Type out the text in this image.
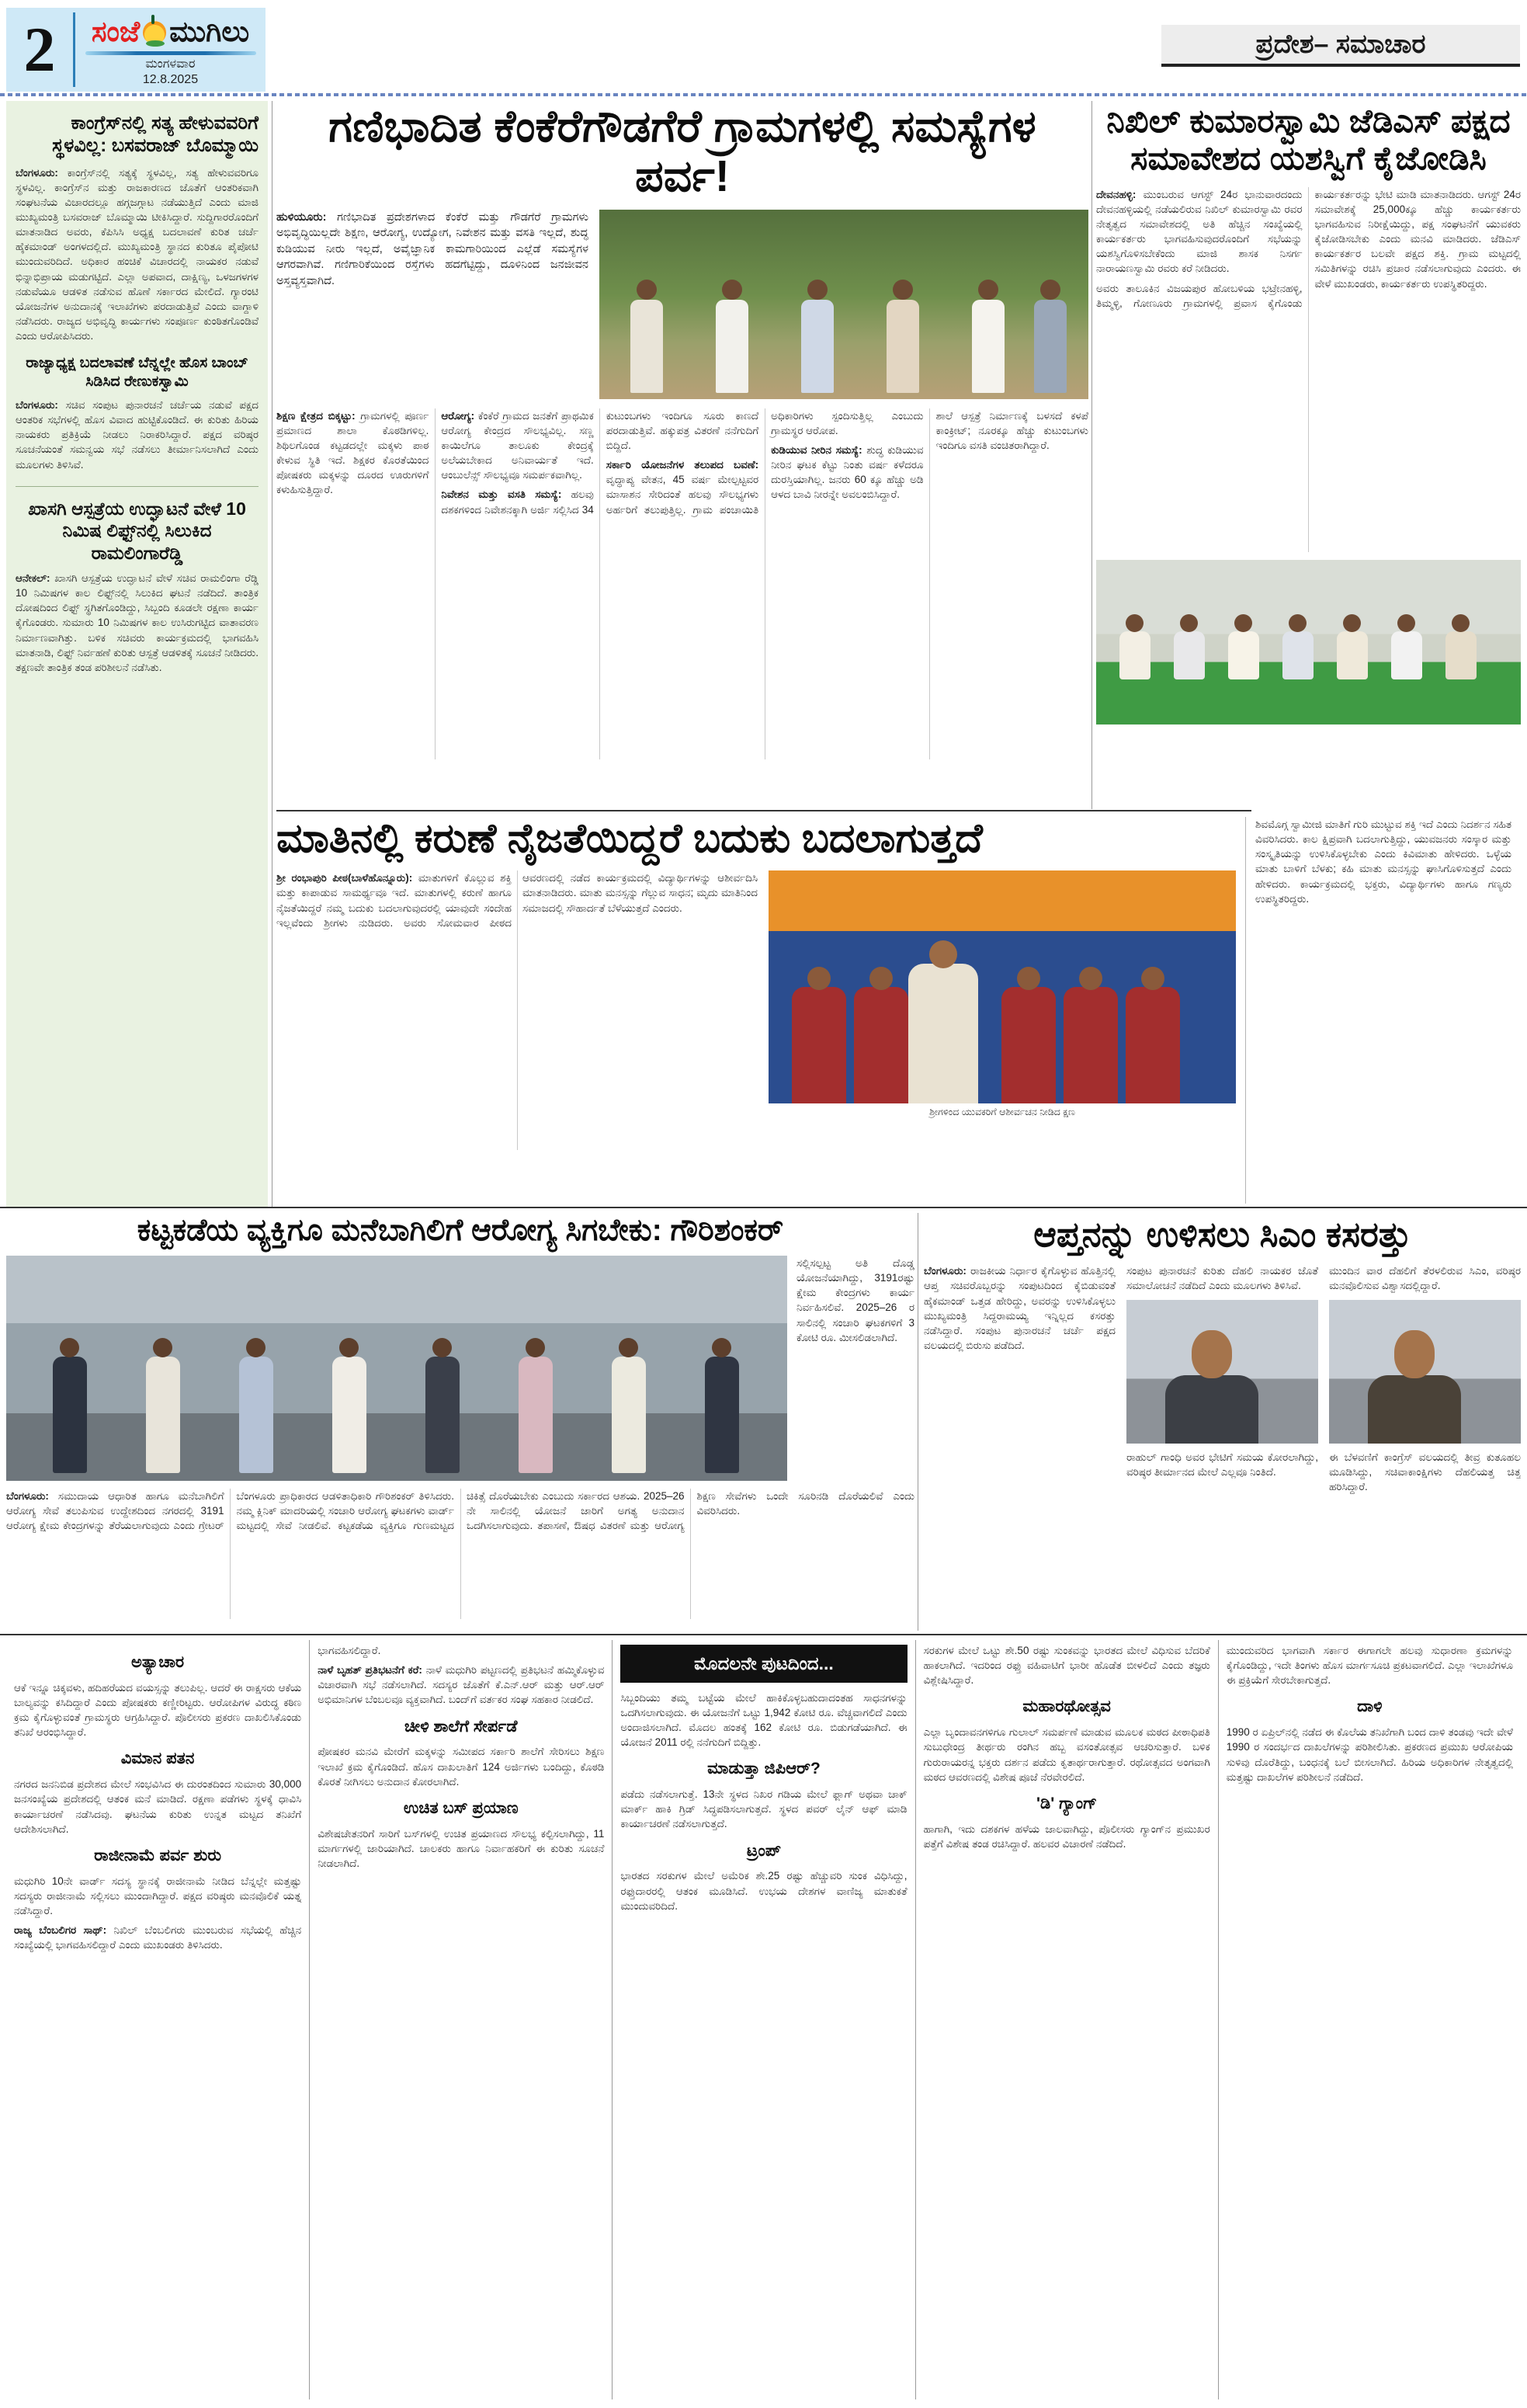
2	ಸಂಜೆ ಮುಗಿಲು
ಮಂಗಳವಾರ
12.8.2025
ಪ್ರದೇಶ– ಸಮಾಚಾರ
ಕಾಂಗ್ರೆಸ್‌ನಲ್ಲಿ ಸತ್ಯ ಹೇಳುವವರಿಗೆ ಸ್ಥಳವಿಲ್ಲ: ಬಸವರಾಜ್ ಬೊಮ್ಮಾಯಿ

ಬೆಂಗಳೂರು: ಕಾಂಗ್ರೆಸ್‌ನಲ್ಲಿ ಸತ್ಯಕ್ಕೆ ಸ್ಥಳವಿಲ್ಲ, ಸತ್ಯ ಹೇಳುವವರಿಗೂ ಸ್ಥಳವಿಲ್ಲ. ಕಾಂಗ್ರೆಸ್‌ನ ಮತ್ತು ರಾಜಕಾರಣದ ಜೊತೆಗೆ ಆಂತರಿಕವಾಗಿ ಸಂಘಟನೆಯ ವಿಚಾರದಲ್ಲೂ ಹಗ್ಗಜಗ್ಗಾಟ ನಡೆಯುತ್ತಿದೆ ಎಂದು ಮಾಜಿ ಮುಖ್ಯಮಂತ್ರಿ ಬಸವರಾಜ್ ಬೊಮ್ಮಾಯಿ ಟೀಕಿಸಿದ್ದಾರೆ. ಸುದ್ದಿಗಾರರೊಂದಿಗೆ ಮಾತನಾಡಿದ ಅವರು, ಕೆಪಿಸಿಸಿ ಅಧ್ಯಕ್ಷ ಬದಲಾವಣೆ ಕುರಿತ ಚರ್ಚೆ ಹೈಕಮಾಂಡ್ ಅಂಗಳದಲ್ಲಿದೆ. ಮುಖ್ಯಮಂತ್ರಿ ಸ್ಥಾನದ ಕುರಿತೂ ಪೈಪೋಟಿ ಮುಂದುವರಿದಿದೆ. ಅಧಿಕಾರ ಹಂಚಿಕೆ ವಿಚಾರದಲ್ಲಿ ನಾಯಕರ ನಡುವೆ ಭಿನ್ನಾಭಿಪ್ರಾಯ ಮಡುಗಟ್ಟಿದೆ. ಎಲ್ಲಾ ಅಪವಾದ, ದಾಕ್ಷಿಣ್ಯ, ಒಳಜಗಳಗಳ ನಡುವೆಯೂ ಆಡಳಿತ ನಡೆಸುವ ಹೊಣೆ ಸರ್ಕಾರದ ಮೇಲಿದೆ. ಗ್ಯಾರಂಟಿ ಯೋಜನೆಗಳ ಅನುದಾನಕ್ಕೆ ಇಲಾಖೆಗಳು ಪರದಾಡುತ್ತಿವೆ ಎಂದು ವಾಗ್ದಾಳಿ ನಡೆಸಿದರು. ರಾಜ್ಯದ ಅಭಿವೃದ್ಧಿ ಕಾರ್ಯಗಳು ಸಂಪೂರ್ಣ ಕುಂಠಿತಗೊಂಡಿವೆ ಎಂದು ಆರೋಪಿಸಿದರು.

ರಾಜ್ಯಾಧ್ಯಕ್ಷ ಬದಲಾವಣೆ ಬೆನ್ನಲ್ಲೇ ಹೊಸ ಬಾಂಬ್ ಸಿಡಿಸಿದ ರೇಣುಕಸ್ವಾಮಿ

ಬೆಂಗಳೂರು: ಸಚಿವ ಸಂಪುಟ ಪುನಾರಚನೆ ಚರ್ಚೆಯ ನಡುವೆ ಪಕ್ಷದ ಆಂತರಿಕ ಸಭೆಗಳಲ್ಲಿ ಹೊಸ ವಿವಾದ ಹುಟ್ಟಿಕೊಂಡಿದೆ. ಈ ಕುರಿತು ಹಿರಿಯ ನಾಯಕರು ಪ್ರತಿಕ್ರಿಯೆ ನೀಡಲು ನಿರಾಕರಿಸಿದ್ದಾರೆ. ಪಕ್ಷದ ವರಿಷ್ಠರ ಸೂಚನೆಯಂತೆ ಸಮನ್ವಯ ಸಭೆ ನಡೆಸಲು ತೀರ್ಮಾನಿಸಲಾಗಿದೆ ಎಂದು ಮೂಲಗಳು ತಿಳಿಸಿವೆ.

ಖಾಸಗಿ ಆಸ್ಪತ್ರೆಯ ಉದ್ಘಾಟನೆ ವೇಳೆ 10 ನಿಮಿಷ ಲಿಫ್ಟ್‌ನಲ್ಲಿ ಸಿಲುಕಿದ ರಾಮಲಿಂಗಾರೆಡ್ಡಿ

ಆನೇಕಲ್: ಖಾಸಗಿ ಆಸ್ಪತ್ರೆಯ ಉದ್ಘಾಟನೆ ವೇಳೆ ಸಚಿವ ರಾಮಲಿಂಗಾ ರೆಡ್ಡಿ 10 ನಿಮಿಷಗಳ ಕಾಲ ಲಿಫ್ಟ್‌ನಲ್ಲಿ ಸಿಲುಕಿದ ಘಟನೆ ನಡೆದಿದೆ. ತಾಂತ್ರಿಕ ದೋಷದಿಂದ ಲಿಫ್ಟ್ ಸ್ಥಗಿತಗೊಂಡಿದ್ದು, ಸಿಬ್ಬಂದಿ ಕೂಡಲೇ ರಕ್ಷಣಾ ಕಾರ್ಯ ಕೈಗೊಂಡರು. ಸುಮಾರು 10 ನಿಮಿಷಗಳ ಕಾಲ ಉಸಿರುಗಟ್ಟಿದ ವಾತಾವರಣ ನಿರ್ಮಾಣವಾಗಿತ್ತು. ಬಳಿಕ ಸಚಿವರು ಕಾರ್ಯಕ್ರಮದಲ್ಲಿ ಭಾಗವಹಿಸಿ ಮಾತನಾಡಿ, ಲಿಫ್ಟ್ ನಿರ್ವಹಣೆ ಕುರಿತು ಆಸ್ಪತ್ರೆ ಆಡಳಿತಕ್ಕೆ ಸೂಚನೆ ನೀಡಿದರು. ತಕ್ಷಣವೇ ತಾಂತ್ರಿಕ ತಂಡ ಪರಿಶೀಲನೆ ನಡೆಸಿತು.

ಗಣಿಭಾದಿತ ಕೆಂಕೆರೆಗೌಡಗೆರೆ ಗ್ರಾಮಗಳಲ್ಲಿ ಸಮಸ್ಯೆಗಳ ಪರ್ವ!

ಹುಳಿಯೂರು: ಗಣಿಭಾದಿತ ಪ್ರದೇಶಗಳಾದ ಕೆಂಕೆರೆ ಮತ್ತು ಗೌಡಗೆರೆ ಗ್ರಾಮಗಳು ಅಭಿವೃದ್ಧಿಯಿಲ್ಲದೇ ಶಿಕ್ಷಣ, ಆರೋಗ್ಯ, ಉದ್ಯೋಗ, ನಿವೇಶನ ಮತ್ತು ವಸತಿ ಇಲ್ಲದೆ, ಶುದ್ಧ ಕುಡಿಯುವ ನೀರು ಇಲ್ಲದೆ, ಅವೈಜ್ಞಾನಿಕ ಕಾಮಗಾರಿಯಿಂದ ಎಲ್ಲೆಡೆ ಸಮಸ್ಯೆಗಳ ಆಗರವಾಗಿವೆ. ಗಣಿಗಾರಿಕೆಯಿಂದ ರಸ್ತೆಗಳು ಹದಗೆಟ್ಟಿದ್ದು, ದೂಳಿನಿಂದ ಜನಜೀವನ ಅಸ್ತವ್ಯಸ್ತವಾಗಿದೆ.

ಶಿಕ್ಷಣ ಕ್ಷೇತ್ರದ ಬಿಕ್ಕಟ್ಟು: ಗ್ರಾಮಗಳಲ್ಲಿ ಪೂರ್ಣ ಪ್ರಮಾಣದ ಶಾಲಾ ಕೊಠಡಿಗಳಿಲ್ಲ. ಶಿಥಿಲಗೊಂಡ ಕಟ್ಟಡದಲ್ಲೇ ಮಕ್ಕಳು ಪಾಠ ಕೇಳುವ ಸ್ಥಿತಿ ಇದೆ. ಶಿಕ್ಷಕರ ಕೊರತೆಯಿಂದ ಪೋಷಕರು ಮಕ್ಕಳನ್ನು ದೂರದ ಊರುಗಳಿಗೆ ಕಳುಹಿಸುತ್ತಿದ್ದಾರೆ.

ಆರೋಗ್ಯ: ಕೆಂಕೆರೆ ಗ್ರಾಮದ ಜನತೆಗೆ ಪ್ರಾಥಮಿಕ ಆರೋಗ್ಯ ಕೇಂದ್ರದ ಸೌಲಭ್ಯವಿಲ್ಲ. ಸಣ್ಣ ಕಾಯಿಲೆಗೂ ತಾಲೂಕು ಕೇಂದ್ರಕ್ಕೆ ಅಲೆಯಬೇಕಾದ ಅನಿವಾರ್ಯತೆ ಇದೆ. ಆಂಬುಲೆನ್ಸ್ ಸೌಲಭ್ಯವೂ ಸಮರ್ಪಕವಾಗಿಲ್ಲ.

ನಿವೇಶನ ಮತ್ತು ವಸತಿ ಸಮಸ್ಯೆ: ಹಲವು ದಶಕಗಳಿಂದ ನಿವೇಶನಕ್ಕಾಗಿ ಅರ್ಜಿ ಸಲ್ಲಿಸಿದ 34 ಕುಟುಂಬಗಳು ಇಂದಿಗೂ ಸೂರು ಕಾಣದೆ ಪರದಾಡುತ್ತಿವೆ. ಹಕ್ಕುಪತ್ರ ವಿತರಣೆ ನನೆಗುದಿಗೆ ಬಿದ್ದಿದೆ.

ಸರ್ಕಾರಿ ಯೋಜನೆಗಳ ತಲುಪದ ಬವಣೆ: ವೃದ್ಧಾಪ್ಯ ವೇತನ, 45 ವರ್ಷ ಮೇಲ್ಪಟ್ಟವರ ಮಾಸಾಶನ ಸೇರಿದಂತೆ ಹಲವು ಸೌಲಭ್ಯಗಳು ಅರ್ಹರಿಗೆ ತಲುಪುತ್ತಿಲ್ಲ. ಗ್ರಾಮ ಪಂಚಾಯಿತಿ ಅಧಿಕಾರಿಗಳು ಸ್ಪಂದಿಸುತ್ತಿಲ್ಲ ಎಂಬುದು ಗ್ರಾಮಸ್ಥರ ಆರೋಪ.

ಕುಡಿಯುವ ನೀರಿನ ಸಮಸ್ಯೆ: ಶುದ್ಧ ಕುಡಿಯುವ ನೀರಿನ ಘಟಕ ಕೆಟ್ಟು ನಿಂತು ವರ್ಷ ಕಳೆದರೂ ದುರಸ್ತಿಯಾಗಿಲ್ಲ. ಜನರು 60 ಕ್ಕೂ ಹೆಚ್ಚು ಅಡಿ ಆಳದ ಬಾವಿ ನೀರನ್ನೇ ಅವಲಂಬಿಸಿದ್ದಾರೆ.

ಶಾಲೆ ಆಸ್ಪತ್ರೆ ನಿರ್ಮಾಣಕ್ಕೆ ಬಳಸದೆ ಕಳಪೆ ಕಾಂಕ್ರೀಟ್; ನೂರಕ್ಕೂ ಹೆಚ್ಚು ಕುಟುಂಬಗಳು ಇಂದಿಗೂ ವಸತಿ ವಂಚಿತರಾಗಿದ್ದಾರೆ.

ನಿಖಿಲ್ ಕುಮಾರಸ್ವಾಮಿ ಜೆಡಿಎಸ್ ಪಕ್ಷದ ಸಮಾವೇಶದ ಯಶಸ್ವಿಗೆ ಕೈಜೋಡಿಸಿ

ದೇವನಹಳ್ಳಿ: ಮುಂಬರುವ ಆಗಸ್ಟ್ 24ರ ಭಾನುವಾರದಂದು ದೇವನಹಳ್ಳಿಯಲ್ಲಿ ನಡೆಯಲಿರುವ ನಿಖಿಲ್ ಕುಮಾರಸ್ವಾಮಿ ರವರ ನೇತೃತ್ವದ ಸಮಾವೇಶದಲ್ಲಿ ಅತಿ ಹೆಚ್ಚಿನ ಸಂಖ್ಯೆಯಲ್ಲಿ ಕಾರ್ಯಕರ್ತರು ಭಾಗವಹಿಸುವುದರೊಂದಿಗೆ ಸಭೆಯನ್ನು ಯಶಸ್ವಿಗೊಳಿಸಬೇಕೆಂದು ಮಾಜಿ ಶಾಸಕ ನಿಸರ್ಗ ನಾರಾಯಣಸ್ವಾಮಿ ರವರು ಕರೆ ನೀಡಿದರು.

ಅವರು ತಾಲೂಕಿನ ವಿಜಯಪುರ ಹೋಬಳಿಯ ಭಟ್ರೇನಹಳ್ಳಿ, ತಿಮ್ಮಳ್ಳಿ, ಗೋಣೂರು ಗ್ರಾಮಗಳಲ್ಲಿ ಪ್ರವಾಸ ಕೈಗೊಂಡು ಕಾರ್ಯಕರ್ತರನ್ನು ಭೇಟಿ ಮಾಡಿ ಮಾತನಾಡಿದರು. ಆಗಸ್ಟ್ 24ರ ಸಮಾವೇಶಕ್ಕೆ 25,000ಕ್ಕೂ ಹೆಚ್ಚು ಕಾರ್ಯಕರ್ತರು ಭಾಗವಹಿಸುವ ನಿರೀಕ್ಷೆಯಿದ್ದು, ಪಕ್ಷ ಸಂಘಟನೆಗೆ ಯುವಕರು ಕೈಜೋಡಿಸಬೇಕು ಎಂದು ಮನವಿ ಮಾಡಿದರು. ಜೆಡಿಎಸ್ ಕಾರ್ಯಕರ್ತರ ಬಲವೇ ಪಕ್ಷದ ಶಕ್ತಿ. ಗ್ರಾಮ ಮಟ್ಟದಲ್ಲಿ ಸಮಿತಿಗಳನ್ನು ರಚಿಸಿ ಪ್ರಚಾರ ನಡೆಸಲಾಗುವುದು ಎಂದರು. ಈ ವೇಳೆ ಮುಖಂಡರು, ಕಾರ್ಯಕರ್ತರು ಉಪಸ್ಥಿತರಿದ್ದರು.

ಮಾತಿನಲ್ಲಿ ಕರುಣೆ ನೈಜತೆಯಿದ್ದರೆ ಬದುಕು ಬದಲಾಗುತ್ತದೆ

ಶ್ರೀ ರಂಭಾಪುರಿ ಪೀಠ(ಬಾಳೆಹೊನ್ನೂರು): ಮಾತುಗಳಿಗೆ ಕೊಲ್ಲುವ ಶಕ್ತಿ ಮತ್ತು ಕಾಪಾಡುವ ಸಾಮರ್ಥ್ಯವೂ ಇದೆ. ಮಾತುಗಳಲ್ಲಿ ಕರುಣೆ ಹಾಗೂ ನೈಜತೆಯಿದ್ದರೆ ನಮ್ಮ ಬದುಕು ಬದಲಾಗುವುದರಲ್ಲಿ ಯಾವುದೇ ಸಂದೇಹ ಇಲ್ಲವೆಂದು ಶ್ರೀಗಳು ನುಡಿದರು. ಅವರು ಸೋಮವಾರ ಪೀಠದ ಆವರಣದಲ್ಲಿ ನಡೆದ ಕಾರ್ಯಕ್ರಮದಲ್ಲಿ ವಿದ್ಯಾರ್ಥಿಗಳನ್ನು ಆಶೀರ್ವದಿಸಿ ಮಾತನಾಡಿದರು. ಮಾತು ಮನಸ್ಸನ್ನು ಗೆಲ್ಲುವ ಸಾಧನ; ಮೃದು ಮಾತಿನಿಂದ ಸಮಾಜದಲ್ಲಿ ಸೌಹಾರ್ದತೆ ಬೆಳೆಯುತ್ತದೆ ಎಂದರು.

ಶ್ರೀಗಳಿಂದ ಯುವಕರಿಗೆ ಆಶೀರ್ವಚನ ನೀಡಿದ ಕ್ಷಣ

ಶಿವಮೊಗ್ಗ ಸ್ವಾಮೀಜಿ ಮಾತಿಗೆ ಗುರಿ ಮುಟ್ಟುವ ಶಕ್ತಿ ಇದೆ ಎಂದು ನಿದರ್ಶನ ಸಹಿತ ವಿವರಿಸಿದರು. ಕಾಲ ಕ್ಷಿಪ್ರವಾಗಿ ಬದಲಾಗುತ್ತಿದ್ದು, ಯುವಜನರು ಸಂಸ್ಕಾರ ಮತ್ತು ಸಂಸ್ಕೃತಿಯನ್ನು ಉಳಿಸಿಕೊಳ್ಳಬೇಕು ಎಂದು ಕಿವಿಮಾತು ಹೇಳಿದರು. ಒಳ್ಳೆಯ ಮಾತು ಬಾಳಿಗೆ ಬೆಳಕು; ಕಹಿ ಮಾತು ಮನಸ್ಸನ್ನು ಘಾಸಿಗೊಳಿಸುತ್ತದೆ ಎಂದು ಹೇಳಿದರು. ಕಾರ್ಯಕ್ರಮದಲ್ಲಿ ಭಕ್ತರು, ವಿದ್ಯಾರ್ಥಿಗಳು ಹಾಗೂ ಗಣ್ಯರು ಉಪಸ್ಥಿತರಿದ್ದರು.

ಕಟ್ಟಕಡೆಯ ವ್ಯಕ್ತಿಗೂ ಮನೆಬಾಗಿಲಿಗೆ ಆರೋಗ್ಯ ಸಿಗಬೇಕು: ಗೌರಿಶಂಕರ್

ಸಲ್ಲಿಸಲ್ಪಟ್ಟ ಅತಿ ದೊಡ್ಡ ಯೋಜನೆಯಾಗಿದ್ದು, 3191ರಷ್ಟು ಕ್ಷೇಮ ಕೇಂದ್ರಗಳು ಕಾರ್ಯ ನಿರ್ವಹಿಸಲಿವೆ. 2025–26 ರ ಸಾಲಿನಲ್ಲಿ ಸಂಚಾರಿ ಘಟಕಗಳಿಗೆ 3 ಕೋಟಿ ರೂ. ಮೀಸಲಿಡಲಾಗಿದೆ.

ಬೆಂಗಳೂರು: ಸಮುದಾಯ ಆಧಾರಿತ ಹಾಗೂ ಮನೆಬಾಗಿಲಿಗೆ ಆರೋಗ್ಯ ಸೇವೆ ತಲುಪಿಸುವ ಉದ್ದೇಶದಿಂದ ನಗರದಲ್ಲಿ 3191 ಆರೋಗ್ಯ ಕ್ಷೇಮ ಕೇಂದ್ರಗಳನ್ನು ತೆರೆಯಲಾಗುವುದು ಎಂದು ಗ್ರೇಟರ್ ಬೆಂಗಳೂರು ಪ್ರಾಧಿಕಾರದ ಆಡಳಿತಾಧಿಕಾರಿ ಗೌರಿಶಂಕರ್ ತಿಳಿಸಿದರು. ನಮ್ಮ ಕ್ಲಿನಿಕ್ ಮಾದರಿಯಲ್ಲಿ ಸಂಚಾರಿ ಆರೋಗ್ಯ ಘಟಕಗಳು ವಾರ್ಡ್ ಮಟ್ಟದಲ್ಲಿ ಸೇವೆ ನೀಡಲಿವೆ. ಕಟ್ಟಕಡೆಯ ವ್ಯಕ್ತಿಗೂ ಗುಣಮಟ್ಟದ ಚಿಕಿತ್ಸೆ ದೊರೆಯಬೇಕು ಎಂಬುದು ಸರ್ಕಾರದ ಆಶಯ. 2025–26 ನೇ ಸಾಲಿನಲ್ಲಿ ಯೋಜನೆ ಜಾರಿಗೆ ಅಗತ್ಯ ಅನುದಾನ ಒದಗಿಸಲಾಗುವುದು. ತಪಾಸಣೆ, ಔಷಧ ವಿತರಣೆ ಮತ್ತು ಆರೋಗ್ಯ ಶಿಕ್ಷಣ ಸೇವೆಗಳು ಒಂದೇ ಸೂರಿನಡಿ ದೊರೆಯಲಿವೆ ಎಂದು ವಿವರಿಸಿದರು.

ಆಪ್ತನನ್ನು ಉಳಿಸಲು ಸಿಎಂ ಕಸರತ್ತು

ಬೆಂಗಳೂರು: ರಾಜಕೀಯ ನಿರ್ಧಾರ ಕೈಗೊಳ್ಳುವ ಹೊತ್ತಿನಲ್ಲಿ ಆಪ್ತ ಸಚಿವರೊಬ್ಬರನ್ನು ಸಂಪುಟದಿಂದ ಕೈಬಿಡುವಂತೆ ಹೈಕಮಾಂಡ್ ಒತ್ತಡ ಹೇರಿದ್ದು, ಅವರನ್ನು ಉಳಿಸಿಕೊಳ್ಳಲು ಮುಖ್ಯಮಂತ್ರಿ ಸಿದ್ದರಾಮಯ್ಯ ಇನ್ನಿಲ್ಲದ ಕಸರತ್ತು ನಡೆಸಿದ್ದಾರೆ. ಸಂಪುಟ ಪುನಾರಚನೆ ಚರ್ಚೆ ಪಕ್ಷದ ವಲಯದಲ್ಲಿ ಬಿರುಸು ಪಡೆದಿದೆ.

ಸಂಪುಟ ಪುನಾರಚನೆ ಕುರಿತು ದೆಹಲಿ ನಾಯಕರ ಜೊತೆ ಸಮಾಲೋಚನೆ ನಡೆದಿದೆ ಎಂದು ಮೂಲಗಳು ತಿಳಿಸಿವೆ.

ರಾಹುಲ್ ಗಾಂಧಿ ಅವರ ಭೇಟಿಗೆ ಸಮಯ ಕೋರಲಾಗಿದ್ದು, ವರಿಷ್ಠರ ತೀರ್ಮಾನದ ಮೇಲೆ ಎಲ್ಲವೂ ನಿಂತಿದೆ.

ಮುಂದಿನ ವಾರ ದೆಹಲಿಗೆ ತೆರಳಲಿರುವ ಸಿಎಂ, ವರಿಷ್ಠರ ಮನವೊಲಿಸುವ ವಿಶ್ವಾಸದಲ್ಲಿದ್ದಾರೆ.

ಈ ಬೆಳವಣಿಗೆ ಕಾಂಗ್ರೆಸ್ ವಲಯದಲ್ಲಿ ತೀವ್ರ ಕುತೂಹಲ ಮೂಡಿಸಿದ್ದು, ಸಚಿವಾಕಾಂಕ್ಷಿಗಳು ದೆಹಲಿಯತ್ತ ಚಿತ್ತ ಹರಿಸಿದ್ದಾರೆ.

ಅತ್ಯಾಚಾರ

ಆಕೆ ಇನ್ನೂ ಚಿಕ್ಕವಳು, ಹದಿಹರೆಯದ ವಯಸ್ಸನ್ನು ತಲುಪಿಲ್ಲ. ಆದರೆ ಈ ರಾಕ್ಷಸರು ಆಕೆಯ ಬಾಲ್ಯವನ್ನು ಕಸಿದಿದ್ದಾರೆ ಎಂದು ಪೋಷಕರು ಕಣ್ಣೀರಿಟ್ಟರು. ಆರೋಪಿಗಳ ವಿರುದ್ಧ ಕಠಿಣ ಕ್ರಮ ಕೈಗೊಳ್ಳುವಂತೆ ಗ್ರಾಮಸ್ಥರು ಆಗ್ರಹಿಸಿದ್ದಾರೆ. ಪೊಲೀಸರು ಪ್ರಕರಣ ದಾಖಲಿಸಿಕೊಂಡು ತನಿಖೆ ಆರಂಭಿಸಿದ್ದಾರೆ.

ವಿಮಾನ ಪತನ

ನಗರದ ಜನನಿಬಿಡ ಪ್ರದೇಶದ ಮೇಲೆ ಸಂಭವಿಸಿದ ಈ ದುರಂತದಿಂದ ಸುಮಾರು 30,000 ಜನಸಂಖ್ಯೆಯ ಪ್ರದೇಶದಲ್ಲಿ ಆತಂಕ ಮನೆ ಮಾಡಿದೆ. ರಕ್ಷಣಾ ಪಡೆಗಳು ಸ್ಥಳಕ್ಕೆ ಧಾವಿಸಿ ಕಾರ್ಯಾಚರಣೆ ನಡೆಸಿದವು. ಘಟನೆಯ ಕುರಿತು ಉನ್ನತ ಮಟ್ಟದ ತನಿಖೆಗೆ ಆದೇಶಿಸಲಾಗಿದೆ.

ರಾಜೀನಾಮೆ ಪರ್ವ ಶುರು

ಮಧುಗಿರಿ 10ನೇ ವಾರ್ಡ್ ಸದಸ್ಯ ಸ್ಥಾನಕ್ಕೆ ರಾಜೀನಾಮೆ ನೀಡಿದ ಬೆನ್ನಲ್ಲೇ ಮತ್ತಷ್ಟು ಸದಸ್ಯರು ರಾಜೀನಾಮೆ ಸಲ್ಲಿಸಲು ಮುಂದಾಗಿದ್ದಾರೆ. ಪಕ್ಷದ ವರಿಷ್ಠರು ಮನವೊಲಿಕೆ ಯತ್ನ ನಡೆಸಿದ್ದಾರೆ.

ರಾಜ್ಯ ಬೆಂಬಲಿಗರ ಸಾಥ್: ನಿಖಿಲ್ ಬೆಂಬಲಿಗರು ಮುಂಬರುವ ಸಭೆಯಲ್ಲಿ ಹೆಚ್ಚಿನ ಸಂಖ್ಯೆಯಲ್ಲಿ ಭಾಗವಹಿಸಲಿದ್ದಾರೆ ಎಂದು ಮುಖಂಡರು ತಿಳಿಸಿದರು.

ಭಾಗವಹಿಸಲಿದ್ದಾರೆ.

ನಾಳೆ ಬೃಹತ್ ಪ್ರತಿಭಟನೆಗೆ ಕರೆ: ನಾಳೆ ಮಧುಗಿರಿ ಪಟ್ಟಣದಲ್ಲಿ ಪ್ರತಿಭಟನೆ ಹಮ್ಮಿಕೊಳ್ಳುವ ವಿಚಾರವಾಗಿ ಸಭೆ ನಡೆಸಲಾಗಿದೆ. ಸದಸ್ಯರ ಜೊತೆಗೆ ಕೆ.ಎನ್.ಆರ್ ಮತ್ತು ಆರ್.ಆರ್ ಅಭಿಮಾನಿಗಳ ಬೆಂಬಲವೂ ವ್ಯಕ್ತವಾಗಿದೆ. ಬಂದ್‌ಗೆ ವರ್ತಕರ ಸಂಘ ಸಹಕಾರ ನೀಡಲಿದೆ.

ಚೀಳಿ ಶಾಲೆಗೆ ಸೇರ್ಪಡೆ

ಪೋಷಕರ ಮನವಿ ಮೇರೆಗೆ ಮಕ್ಕಳನ್ನು ಸಮೀಪದ ಸರ್ಕಾರಿ ಶಾಲೆಗೆ ಸೇರಿಸಲು ಶಿಕ್ಷಣ ಇಲಾಖೆ ಕ್ರಮ ಕೈಗೊಂಡಿದೆ. ಹೊಸ ದಾಖಲಾತಿಗೆ 124 ಅರ್ಜಿಗಳು ಬಂದಿದ್ದು, ಕೊಠಡಿ ಕೊರತೆ ನೀಗಿಸಲು ಅನುದಾನ ಕೋರಲಾಗಿದೆ.

ಉಚಿತ ಬಸ್ ಪ್ರಯಾಣ

ವಿಶೇಷಚೇತನರಿಗೆ ಸಾರಿಗೆ ಬಸ್‌ಗಳಲ್ಲಿ ಉಚಿತ ಪ್ರಯಾಣದ ಸೌಲಭ್ಯ ಕಲ್ಪಿಸಲಾಗಿದ್ದು, 11 ಮಾರ್ಗಗಳಲ್ಲಿ ಜಾರಿಯಾಗಿದೆ. ಚಾಲಕರು ಹಾಗೂ ನಿರ್ವಾಹಕರಿಗೆ ಈ ಕುರಿತು ಸೂಚನೆ ನೀಡಲಾಗಿದೆ.

ಮೊದಲನೇ ಪುಟದಿಂದ...

ಸಿಬ್ಬಂದಿಯು ತಮ್ಮ ಬಟ್ಟೆಯ ಮೇಲೆ ಹಾಕಿಕೊಳ್ಳಬಹುದಾದಂತಹ ಸಾಧನಗಳನ್ನು ಒದಗಿಸಲಾಗುವುದು. ಈ ಯೋಜನೆಗೆ ಒಟ್ಟು 1,942 ಕೋಟಿ ರೂ. ವೆಚ್ಚವಾಗಲಿದೆ ಎಂದು ಅಂದಾಜಿಸಲಾಗಿದೆ. ಮೊದಲ ಹಂತಕ್ಕೆ 162 ಕೋಟಿ ರೂ. ಬಿಡುಗಡೆಯಾಗಿದೆ. ಈ ಯೋಜನೆ 2011 ರಲ್ಲಿ ನನೆಗುದಿಗೆ ಬಿದ್ದಿತ್ತು.

ಮಾಡುತ್ತಾ ಜಿಪಿಆರ್?

ಪಡೆದು ನಡೆಸಲಾಗುತ್ತೆ. 13ನೇ ಸ್ಥಳದ ನಿಖರ ಗಡಿಯ ಮೇಲೆ ಫ್ಲಾಗ್ ಅಥವಾ ಚಾಕ್ ಮಾರ್ಕ್ ಹಾಕಿ ಗ್ರಿಡ್ ಸಿದ್ಧಪಡಿಸಲಾಗುತ್ತದೆ. ಸ್ಥಳದ ಪವರ್ ಲೈನ್ ಆಫ್ ಮಾಡಿ ಕಾರ್ಯಾಚರಣೆ ನಡೆಸಲಾಗುತ್ತದೆ.

ಟ್ರಂಪ್

ಭಾರತದ ಸರಕುಗಳ ಮೇಲೆ ಅಮೆರಿಕ ಶೇ.25 ರಷ್ಟು ಹೆಚ್ಚುವರಿ ಸುಂಕ ವಿಧಿಸಿದ್ದು, ರಫ್ತುದಾರರಲ್ಲಿ ಆತಂಕ ಮೂಡಿಸಿದೆ. ಉಭಯ ದೇಶಗಳ ವಾಣಿಜ್ಯ ಮಾತುಕತೆ ಮುಂದುವರಿದಿದೆ.

ಸರಕುಗಳ ಮೇಲೆ ಒಟ್ಟು ಶೇ.50 ರಷ್ಟು ಸುಂಕವನ್ನು ಭಾರತದ ಮೇಲೆ ವಿಧಿಸುವ ಬೆದರಿಕೆ ಹಾಕಲಾಗಿದೆ. ಇದರಿಂದ ರಫ್ತು ವಹಿವಾಟಿಗೆ ಭಾರೀ ಹೊಡೆತ ಬೀಳಲಿದೆ ಎಂದು ತಜ್ಞರು ವಿಶ್ಲೇಷಿಸಿದ್ದಾರೆ.

ಮಹಾರಥೋತ್ಸವ

ಎಲ್ಲಾ ಬೃಂದಾವನಗಳಿಗೂ ಗುಲಾಲ್ ಸಮರ್ಪಣೆ ಮಾಡುವ ಮೂಲಕ ಮಠದ ಪೀಠಾಧಿಪತಿ ಸುಬುಧೇಂದ್ರ ತೀರ್ಥರು ರಂಗಿನ ಹಬ್ಬ ವಸಂತೋತ್ಸವ ಆಚರಿಸುತ್ತಾರೆ. ಬಳಿಕ ಗುರುರಾಯರನ್ನ ಭಕ್ತರು ದರ್ಶನ ಪಡೆದು ಕೃತಾರ್ಥರಾಗುತ್ತಾರೆ. ರಥೋತ್ಸವದ ಅಂಗವಾಗಿ ಮಠದ ಆವರಣದಲ್ಲಿ ವಿಶೇಷ ಪೂಜೆ ನೆರವೇರಲಿದೆ.

'ಡಿ' ಗ್ಯಾಂಗ್

ಹಾಗಾಗಿ, ಇದು ದಶಕಗಳ ಹಳೆಯ ಜಾಲವಾಗಿದ್ದು, ಪೊಲೀಸರು ಗ್ಯಾಂಗ್‌ನ ಪ್ರಮುಖರ ಪತ್ತೆಗೆ ವಿಶೇಷ ತಂಡ ರಚಿಸಿದ್ದಾರೆ. ಹಲವರ ವಿಚಾರಣೆ ನಡೆದಿದೆ.

ಮುಂದುವರಿದ ಭಾಗವಾಗಿ ಸರ್ಕಾರ ಈಗಾಗಲೇ ಹಲವು ಸುಧಾರಣಾ ಕ್ರಮಗಳನ್ನು ಕೈಗೊಂಡಿದ್ದು, ಇದೇ ತಿಂಗಳು ಹೊಸ ಮಾರ್ಗಸೂಚಿ ಪ್ರಕಟವಾಗಲಿದೆ. ಎಲ್ಲಾ ಇಲಾಖೆಗಳೂ ಈ ಪ್ರಕ್ರಿಯೆಗೆ ಸೇರಬೇಕಾಗುತ್ತದೆ.

ದಾಳಿ

1990 ರ ಏಪ್ರಿಲ್‌ನಲ್ಲಿ ನಡೆದ ಈ ಕೊಲೆಯ ತನಿಖೆಗಾಗಿ ಬಂದ ದಾಳಿ ತಂಡವು ಇದೇ ವೇಳೆ 1990 ರ ಸಂದರ್ಭದ ದಾಖಲೆಗಳನ್ನು ಪರಿಶೀಲಿಸಿತು. ಪ್ರಕರಣದ ಪ್ರಮುಖ ಆರೋಪಿಯ ಸುಳಿವು ದೊರೆತಿದ್ದು, ಬಂಧನಕ್ಕೆ ಬಲೆ ಬೀಸಲಾಗಿದೆ. ಹಿರಿಯ ಅಧಿಕಾರಿಗಳ ನೇತೃತ್ವದಲ್ಲಿ ಮತ್ತಷ್ಟು ದಾಖಲೆಗಳ ಪರಿಶೀಲನೆ ನಡೆದಿದೆ.
